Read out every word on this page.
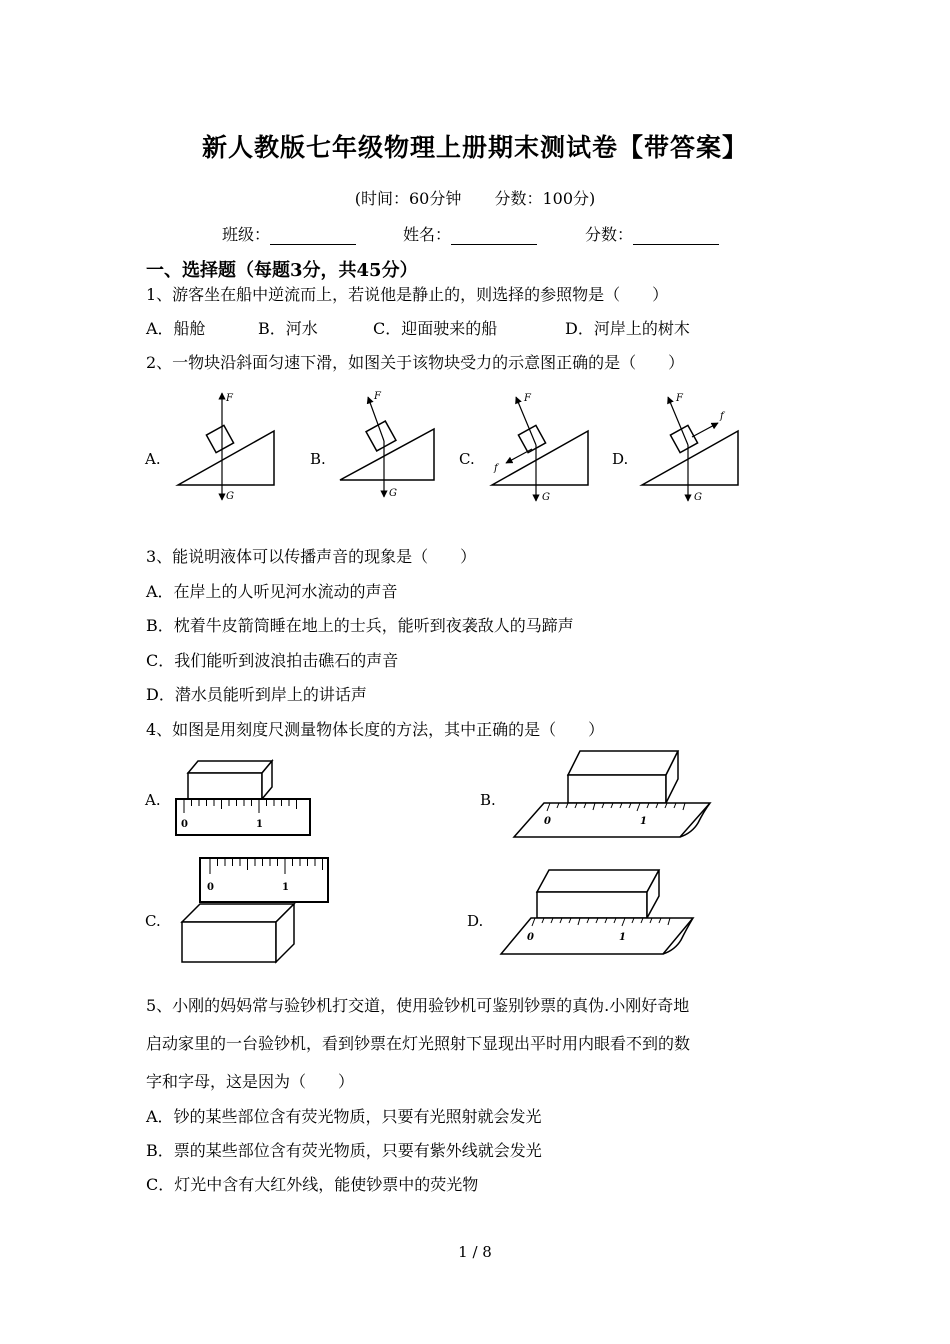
新人教版七年级物理上册期末测试卷【带答案】
(时间：60分钟 分数：100分)
班级：	姓名：	分数：
一、选择题（每题3分，共45分）
1、游客坐在船中逆流而上，若说他是静止的，则选择的参照物是（　　）
A．船舱	B．河水	C．迎面驶来的船	D．河岸上的树木
2、一物块沿斜面匀速下滑，如图关于该物块受力的示意图正确的是（　　）
A.	B.	C.	D.
F
G
F
G
F
G
f
F
G
f
3、能说明液体可以传播声音的现象是（　　）
A．在岸上的人听见河水流动的声音
B．枕着牛皮箭筒睡在地上的士兵，能听到夜袭敌人的马蹄声
C．我们能听到波浪拍击礁石的声音
D．潜水员能听到岸上的讲话声
4、如图是用刻度尺测量物体长度的方法，其中正确的是（　　）
A.	B.
C.	D.
0	1	0	1
0	1
0	1
5、小刚的妈妈常与验钞机打交道，使用验钞机可鉴别钞票的真伪.小刚好奇地
启动家里的一台验钞机，看到钞票在灯光照射下显现出平时用内眼看不到的数
字和字母，这是因为（　　）
A．钞的某些部位含有荧光物质，只要有光照射就会发光
B．票的某些部位含有荧光物质，只要有紫外线就会发光
C．灯光中含有大红外线，能使钞票中的荧光物
1 / 8
